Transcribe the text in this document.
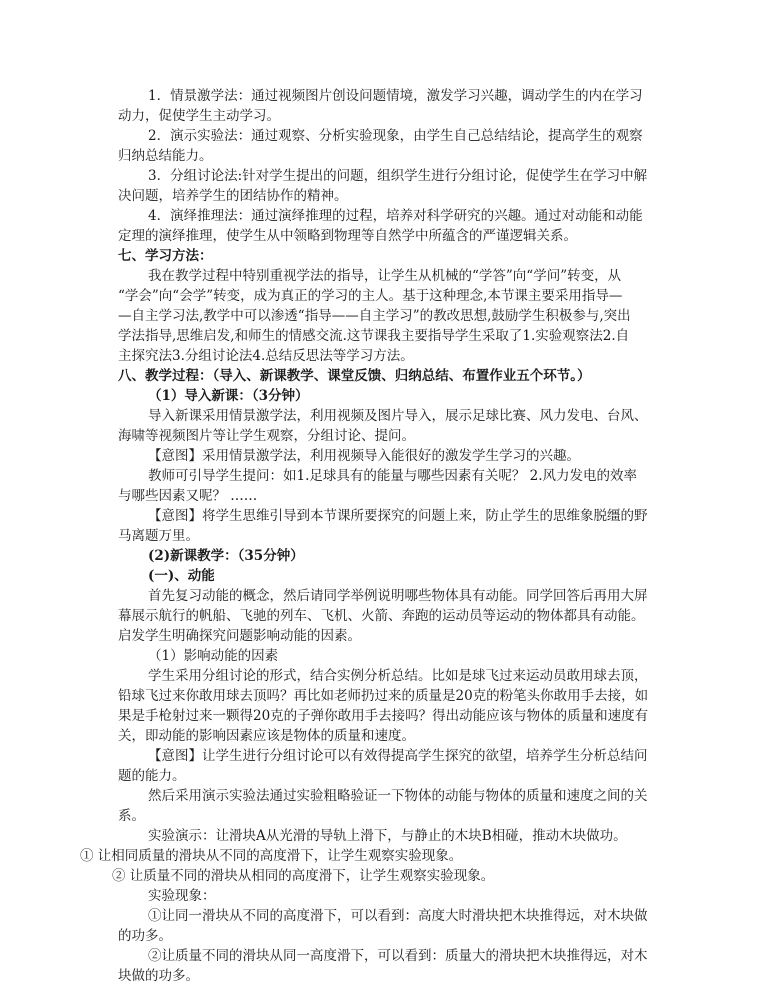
1．情景激学法：通过视频图片创设问题情境，激发学习兴趣，调动学生的内在学习
动力，促使学生主动学习。
2．演示实验法：通过观察、分析实验现象，由学生自己总结结论，提高学生的观察
归纳总结能力。
3．分组讨论法:针对学生提出的问题，组织学生进行分组讨论，促使学生在学习中解
决问题，培养学生的团结协作的精神。
4．演绎推理法：通过演绎推理的过程，培养对科学研究的兴趣。通过对动能和动能
定理的演绎推理，使学生从中领略到物理等自然学中所蕴含的严谨逻辑关系。
七、学习方法：
我在教学过程中特别重视学法的指导，让学生从机械的“学答”向“学问”转变，从
“学会”向“会学”转变，成为真正的学习的主人。基于这种理念,本节课主要采用指导—
—自主学习法,教学中可以渗透“指导——自主学习”的教改思想,鼓励学生积极参与,突出
学法指导,思维启发,和师生的情感交流.这节课我主要指导学生采取了1.实验观察法2.自
主探究法3.分组讨论法4.总结反思法等学习方法。
八、教学过程：（导入、新课教学、课堂反馈、归纳总结、布置作业五个环节。）
（1）导入新课：（3分钟）
导入新课采用情景激学法，利用视频及图片导入，展示足球比赛、风力发电、台风、
海啸等视频图片等让学生观察，分组讨论、提问。
【意图】采用情景激学法，利用视频导入能很好的激发学生学习的兴趣。
教师可引导学生提问：如1.足球具有的能量与哪些因素有关呢？ 2.风力发电的效率
与哪些因素又呢？ ……
【意图】将学生思维引导到本节课所要探究的问题上来，防止学生的思维象脱缰的野
马离题万里。
(2)新课教学：（35分钟）
(一)、动能
首先复习动能的概念，然后请同学举例说明哪些物体具有动能。同学回答后再用大屏
幕展示航行的帆船、飞驰的列车、飞机、火箭、奔跑的运动员等运动的物体都具有动能。
启发学生明确探究问题影响动能的因素。
（1）影响动能的因素
学生采用分组讨论的形式，结合实例分析总结。比如是球飞过来运动员敢用球去顶，
铅球飞过来你敢用球去顶吗？再比如老师扔过来的质量是20克的粉笔头你敢用手去接，如
果是手枪射过来一颗得20克的子弹你敢用手去接吗？得出动能应该与物体的质量和速度有
关，即动能的影响因素应该是物体的质量和速度。
【意图】让学生进行分组讨论可以有效得提高学生探究的欲望，培养学生分析总结问
题的能力。
然后采用演示实验法通过实验粗略验证一下物体的动能与物体的质量和速度之间的关
系。
实验演示：让滑块A从光滑的导轨上滑下，与静止的木块B相碰，推动木块做功。
① 让相同质量的滑块从不同的高度滑下，让学生观察实验现象。
② 让质量不同的滑块从相同的高度滑下，让学生观察实验现象。
实验现象：
①让同一滑块从不同的高度滑下，可以看到：高度大时滑块把木块推得远，对木块做
的功多。
②让质量不同的滑块从同一高度滑下，可以看到：质量大的滑块把木块推得远，对木
块做的功多。
